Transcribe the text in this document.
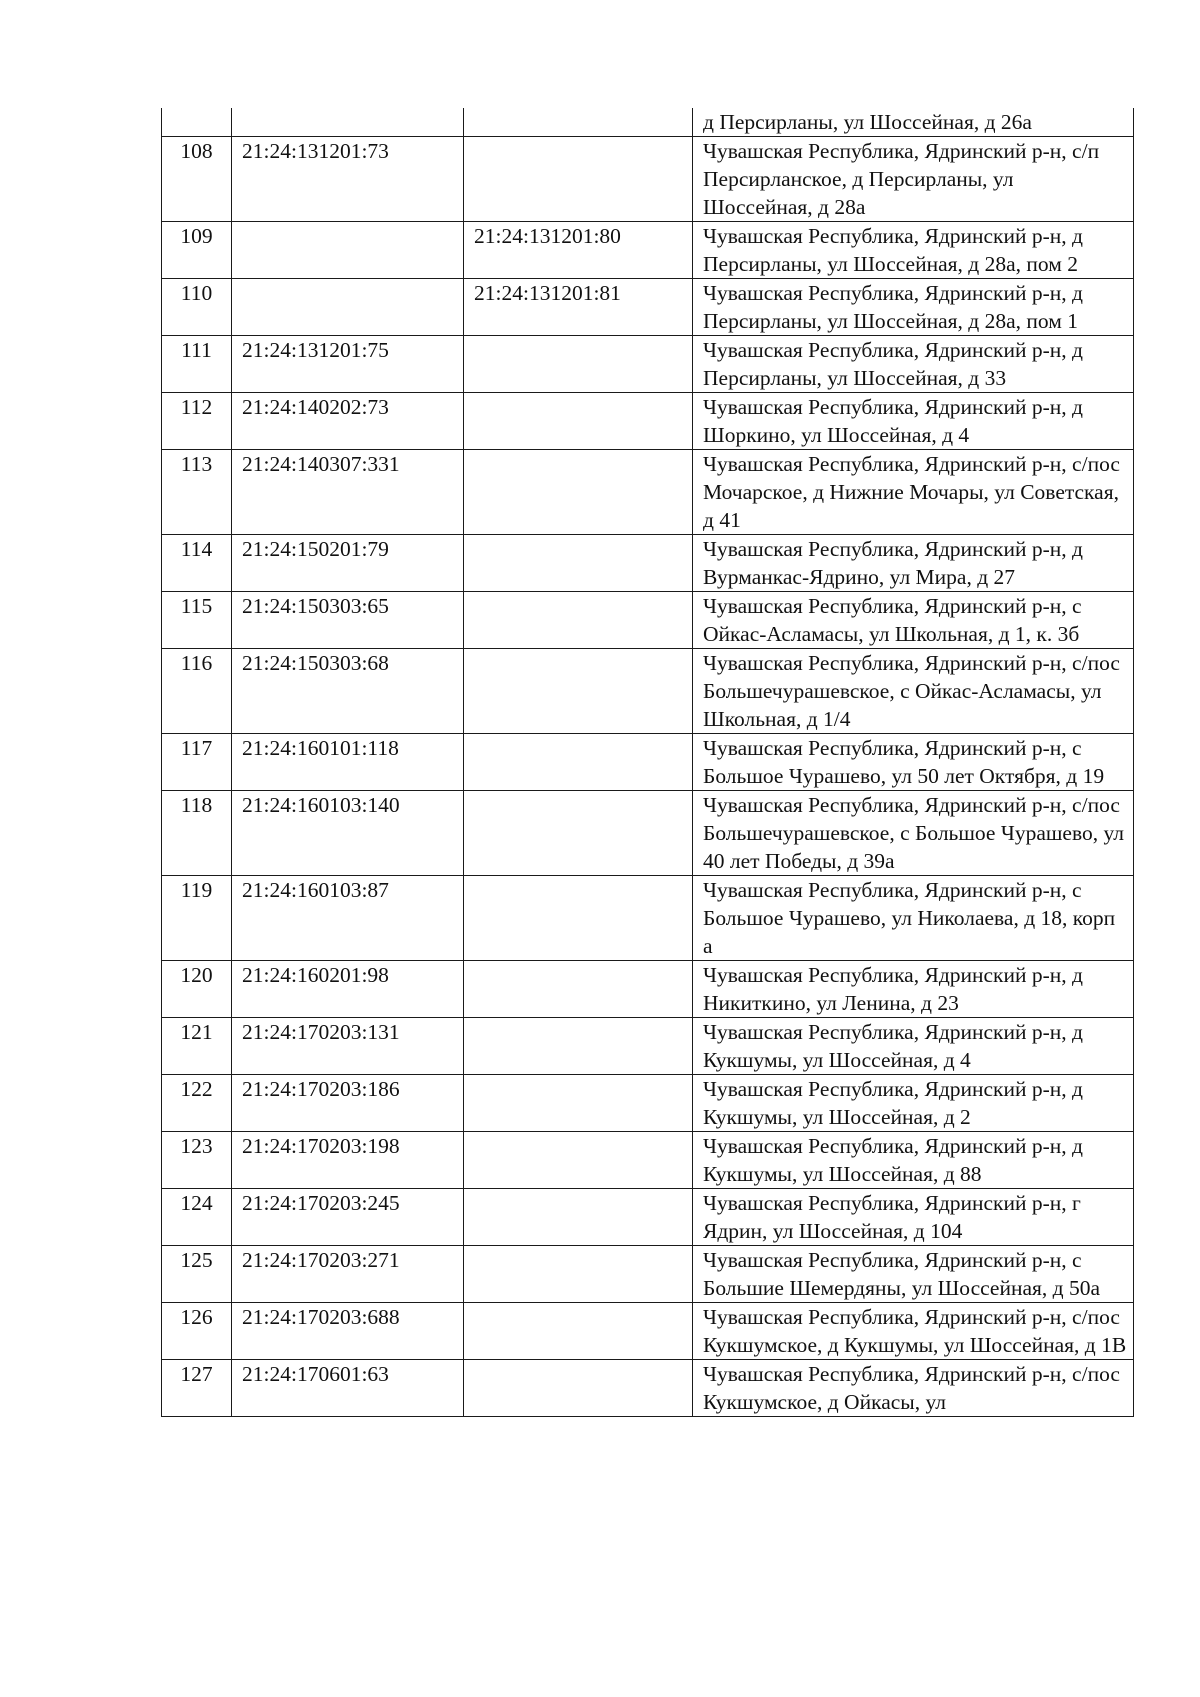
			д Персирланы, ул Шоссейная, д 26а
108	21:24:131201:73		Чувашская Республика, Ядринский р-н, с/п Персирланское, д Персирланы, ул Шоссейная, д 28а
109		21:24:131201:80	Чувашская Республика, Ядринский р-н, д Персирланы, ул Шоссейная, д 28а, пом 2
110		21:24:131201:81	Чувашская Республика, Ядринский р-н, д Персирланы, ул Шоссейная, д 28а, пом 1
111	21:24:131201:75		Чувашская Республика, Ядринский р-н, д Персирланы, ул Шоссейная, д 33
112	21:24:140202:73		Чувашская Республика, Ядринский р-н, д Шоркино, ул Шоссейная, д 4
113	21:24:140307:331		Чувашская Республика, Ядринский р-н, с/пос Мочарское, д Нижние Мочары, ул Советская, д 41
114	21:24:150201:79		Чувашская Республика, Ядринский р-н, д Вурманкас-Ядрино, ул Мира, д 27
115	21:24:150303:65		Чувашская Республика, Ядринский р-н, с Ойкас-Асламасы, ул Школьная, д 1, к. 3б
116	21:24:150303:68		Чувашская Республика, Ядринский р-н, с/пос Большечурашевское, с Ойкас-Асламасы, ул Школьная, д 1/4
117	21:24:160101:118		Чувашская Республика, Ядринский р-н, с Большое Чурашево, ул 50 лет Октября, д 19
118	21:24:160103:140		Чувашская Республика, Ядринский р-н, с/пос Большечурашевское, с Большое Чурашево, ул 40 лет Победы, д 39а
119	21:24:160103:87		Чувашская Республика, Ядринский р-н, с Большое Чурашево, ул Николаева, д 18, корп а
120	21:24:160201:98		Чувашская Республика, Ядринский р-н, д Никиткино, ул Ленина, д 23
121	21:24:170203:131		Чувашская Республика, Ядринский р-н, д Кукшумы, ул Шоссейная, д 4
122	21:24:170203:186		Чувашская Республика, Ядринский р-н, д Кукшумы, ул Шоссейная, д 2
123	21:24:170203:198		Чувашская Республика, Ядринский р-н, д Кукшумы, ул Шоссейная, д 88
124	21:24:170203:245		Чувашская Республика, Ядринский р-н, г Ядрин, ул Шоссейная, д 104
125	21:24:170203:271		Чувашская Республика, Ядринский р-н, с Большие Шемердяны, ул Шоссейная, д 50а
126	21:24:170203:688		Чувашская Республика, Ядринский р-н, с/пос Кукшумское, д Кукшумы, ул Шоссейная, д 1В
127	21:24:170601:63		Чувашская Республика, Ядринский р-н, с/пос Кукшумское, д Ойкасы, ул
